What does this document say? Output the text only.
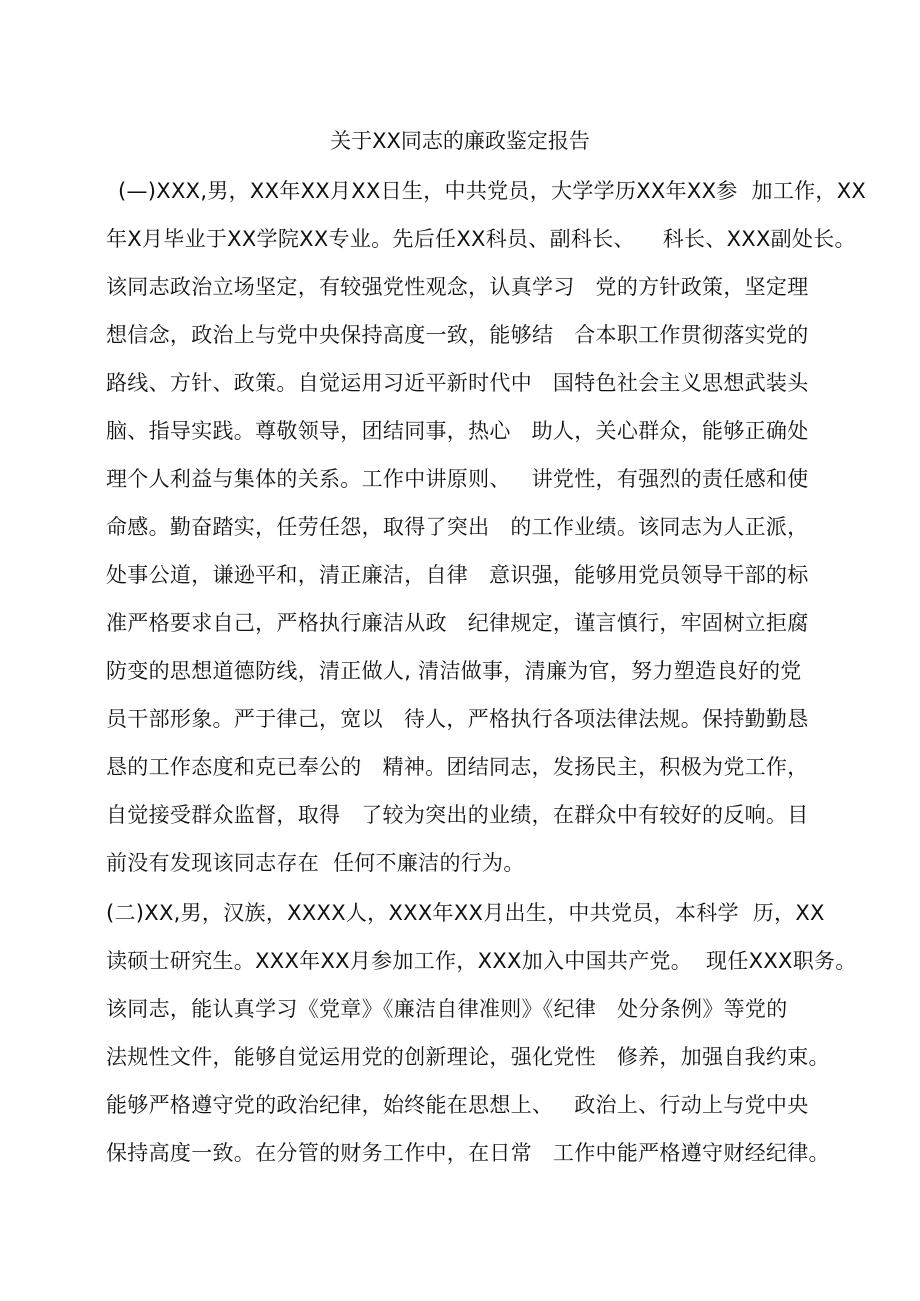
关于XX同志的廉政鉴定报告
(—)XXX,男，XX年XX月XX日生，中共党员，大学学历XX年XX参  加工作，XX
年X月毕业于XX学院XX专业。先后任XX科员、副科长、    科长、XXX副处长。
该同志政治立场坚定，有较强党性观念，认真学习   党的方针政策，坚定理
想信念，政治上与党中央保持高度一致，能够结   合本职工作贯彻落实党的
路线、方针、政策。自觉运用习近平新时代中   国特色社会主义思想武装头
脑、指导实践。尊敬领导，团结同事，热心   助人，关心群众，能够正确处
理个人利益与集体的关系。工作中讲原则、   讲党性，有强烈的责任感和使
命感。勤奋踏实，任劳任怨，取得了突出   的工作业绩。该同志为人正派，
处事公道，谦逊平和，清正廉洁，自律   意识强，能够用党员领导干部的标
准严格要求自己，严格执行廉洁从政   纪律规定，谨言慎行，牢固树立拒腐
防变的思想道德防线，清正做人, 清洁做事，清廉为官，努力塑造良好的党
员干部形象。严于律己，宽以   待人，严格执行各项法律法规。保持勤勤恳
恳的工作态度和克已奉公的   精神。团结同志，发扬民主，积极为党工作，
自觉接受群众监督，取得   了较为突出的业绩，在群众中有较好的反响。目
前没有发现该同志存在  任何不廉洁的行为。
(二)XX,男，汉族，XXXX人，XXX年XX月出生，中共党员，本科学  历，XX
读硕士研究生。XXX年XX月参加工作，XXX加入中国共产党。  现任XXX职务。
该同志，能认真学习《党章》《廉洁自律准则》《纪律   处分条例》等党的
法规性文件，能够自觉运用党的创新理论，强化党性   修养，加强自我约束。
能够严格遵守党的政治纪律，始终能在思想上、   政治上、行动上与党中央
保持高度一致。在分管的财务工作中，在日常   工作中能严格遵守财经纪律。
